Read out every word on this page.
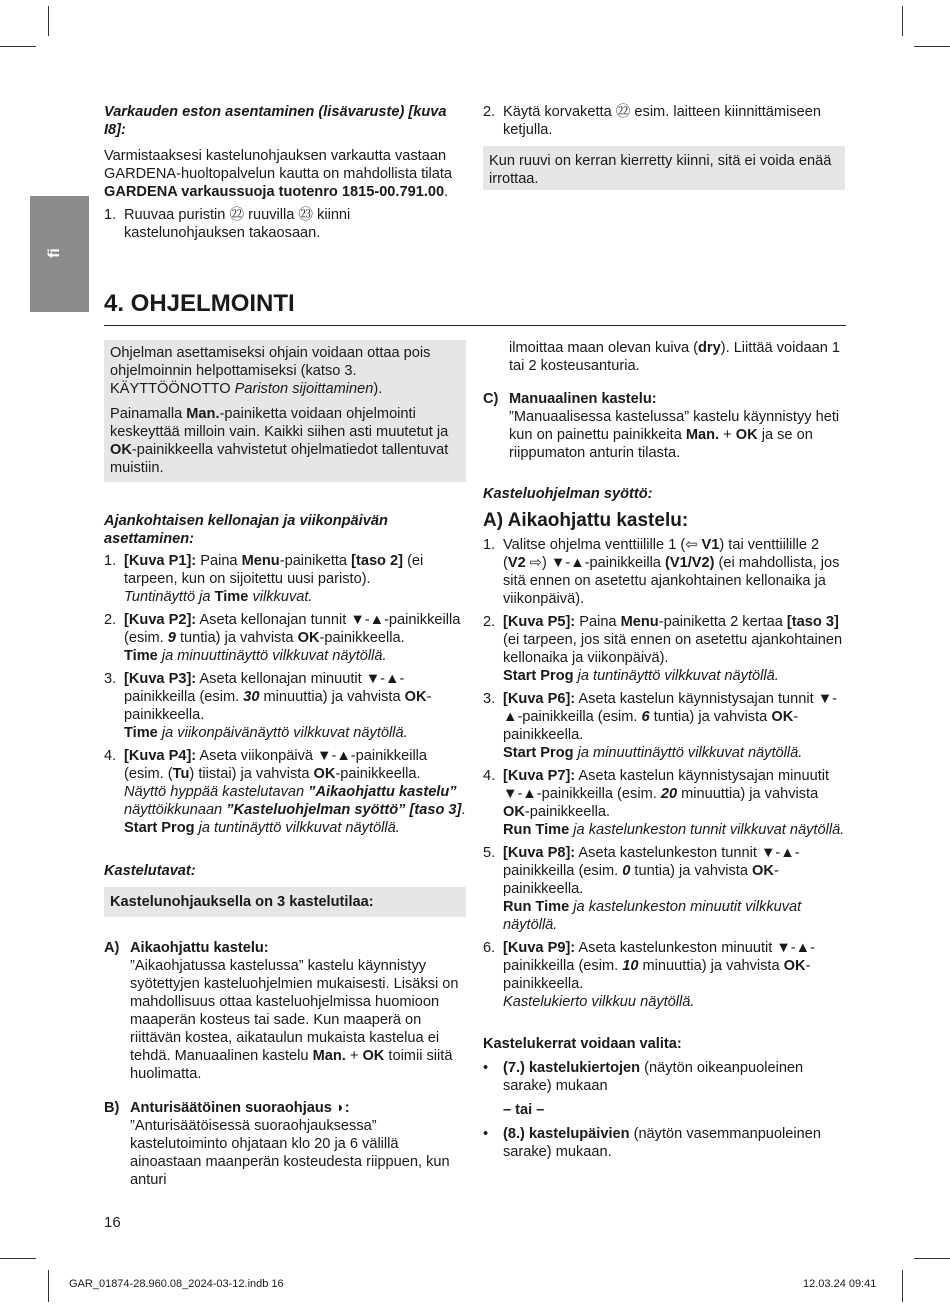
fi
Varkauden eston asentaminen (lisävaruste) [kuva I8]:
Varmistaaksesi kastelunohjauksen varkautta vastaan GARDENA-huoltopalvelun kautta on mahdollista tilata GARDENA varkaussuoja tuotenro 1815-00.791.00.
1. Ruuvaa puristin ㉒ ruuvilla ㉓ kiinni kastelunohjauksen takaosaan.
2. Käytä korvaketta ㉒ esim. laitteen kiinnittämiseen ketjulla.
Kun ruuvi on kerran kierretty kiinni, sitä ei voida enää irrottaa.
4. OHJELMOINTI
Ohjelman asettamiseksi ohjain voidaan ottaa pois ohjelmoinnin helpottamiseksi (katso 3. KÄYTTÖÖNOTTO Pariston sijoittaminen).
Painamalla Man.-painiketta voidaan ohjelmointi keskeyttää milloin vain. Kaikki siihen asti muutetut ja OK-painikkeella vahvistetut ohjelmatiedot tallentuvat muistiin.
Ajankohtaisen kellonajan ja viikonpäivän asettaminen:
1. [Kuva P1]: Paina Menu-painiketta [taso 2] (ei tarpeen, kun on sijoitettu uusi paristo).
Tuntinäyttö ja Time vilkkuvat.
2. [Kuva P2]: Aseta kellonajan tunnit ▼-▲-painikkeilla (esim. 9 tuntia) ja vahvista OK-painikkeella.
Time ja minuuttinäyttö vilkkuvat näytöllä.
3. [Kuva P3]: Aseta kellonajan minuutit ▼-▲-painikkeilla (esim. 30 minuuttia) ja vahvista OK-painikkeella.
Time ja viikonpäivänäyttö vilkkuvat näytöllä.
4. [Kuva P4]: Aseta viikonpäivä ▼-▲-painikkeilla (esim. (Tu) tiistai) ja vahvista OK-painikkeella.
Näyttö hyppää kastelutavan ”Aikaohjattu kastelu” näyttöikkunaan ”Kasteluohjelman syöttö” [taso 3].
Start Prog ja tuntinäyttö vilkkuvat näytöllä.
Kastelutavat:
Kastelunohjauksella on 3 kastelutilaa:
A) Aikaohjattu kastelu:
”Aikaohjatussa kastelussa” kastelu käynnistyy syötettyjen kasteluohjelmien mukaisesti. Lisäksi on mahdollisuus ottaa kasteluohjelmissa huomioon maaperän kosteus tai sade. Kun maaperä on riittävän kostea, aikataulun mukaista kastelua ei tehdä. Manuaalinen kastelu Man. + OK toimii siitä huolimatta.
B) Anturisäätöinen suoraohjaus ◗:
”Anturisäätöisessä suoraohjauksessa” kastelutoiminto ohjataan klo 20 ja 6 välillä ainoastaan maanperän kosteudesta riippuen, kun anturi
ilmoittaa maan olevan kuiva (dry). Liittää voidaan 1 tai 2 kosteusanturia.
C) Manuaalinen kastelu:
”Manuaalisessa kastelussa” kastelu käynnistyy heti kun on painettu painikkeita Man. + OK ja se on riippumaton anturin tilasta.
Kasteluohjelman syöttö:
A) Aikaohjattu kastelu:
1. Valitse ohjelma venttiilille 1 (⇦ V1) tai venttiilille 2 (V2 ⇨) ▼-▲-painikkeilla (V1/V2) (ei mahdollista, jos sitä ennen on asetettu ajankohtainen kellonaika ja viikonpäivä).
2. [Kuva P5]: Paina Menu-painiketta 2 kertaa [taso 3] (ei tarpeen, jos sitä ennen on asetettu ajankohtainen kellonaika ja viikonpäivä).
Start Prog ja tuntinäyttö vilkkuvat näytöllä.
3. [Kuva P6]: Aseta kastelun käynnistysajan tunnit ▼-▲-painikkeilla (esim. 6 tuntia) ja vahvista OK-painikkeella.
Start Prog ja minuuttinäyttö vilkkuvat näytöllä.
4. [Kuva P7]: Aseta kastelun käynnistysajan minuutit ▼-▲-painikkeilla (esim. 20 minuuttia) ja vahvista OK-painikkeella.
Run Time ja kastelunkeston tunnit vilkkuvat näytöllä.
5. [Kuva P8]: Aseta kastelunkeston tunnit ▼-▲-painikkeilla (esim. 0 tuntia) ja vahvista OK-painikkeella.
Run Time ja kastelunkeston minuutit vilkkuvat näytöllä.
6. [Kuva P9]: Aseta kastelunkeston minuutit ▼-▲-painikkeilla (esim. 10 minuuttia) ja vahvista OK-painikkeella.
Kastelukierto vilkkuu näytöllä.
Kastelukerrat voidaan valita:
•	(7.) kastelukiertojen (näytön oikeanpuoleinen sarake) mukaan
– tai –
•	(8.) kastelupäivien (näytön vasemmanpuoleinen sarake) mukaan.
16
GAR_01874-28.960.08_2024-03-12.indb 16	12.03.24 09:41
